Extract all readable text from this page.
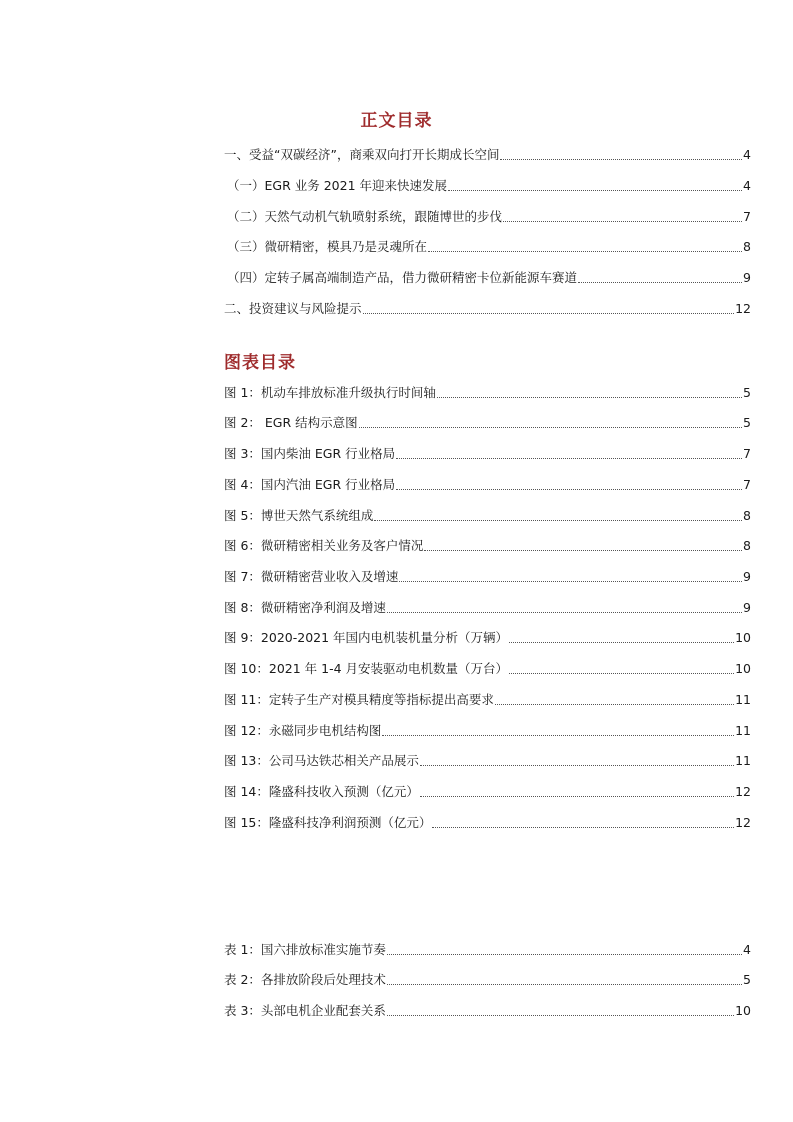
正文目录
一、受益“双碳经济”，商乘双向打开长期成长空间	4
（一）EGR 业务 2021 年迎来快速发展	4
（二）天然气动机气轨喷射系统，跟随博世的步伐	7
（三）微研精密，模具乃是灵魂所在	8
（四）定转子属高端制造产品，借力微研精密卡位新能源车赛道	9
二、投资建议与风险提示	12
图表目录
图 1：机动车排放标准升级执行时间轴	5
图 2： EGR 结构示意图	5
图 3：国内柴油 EGR 行业格局	7
图 4：国内汽油 EGR 行业格局	7
图 5：博世天然气系统组成	8
图 6：微研精密相关业务及客户情况	8
图 7：微研精密营业收入及增速	9
图 8：微研精密净利润及增速	9
图 9：2020-2021 年国内电机装机量分析（万辆）	10
图 10：2021 年 1-4 月安装驱动电机数量（万台）	10
图 11：定转子生产对模具精度等指标提出高要求	11
图 12：永磁同步电机结构图	11
图 13：公司马达铁芯相关产品展示	11
图 14：隆盛科技收入预测（亿元）	12
图 15：隆盛科技净利润预测（亿元）	12
表 1：国六排放标准实施节奏	4
表 2：各排放阶段后处理技术	5
表 3：头部电机企业配套关系	10
